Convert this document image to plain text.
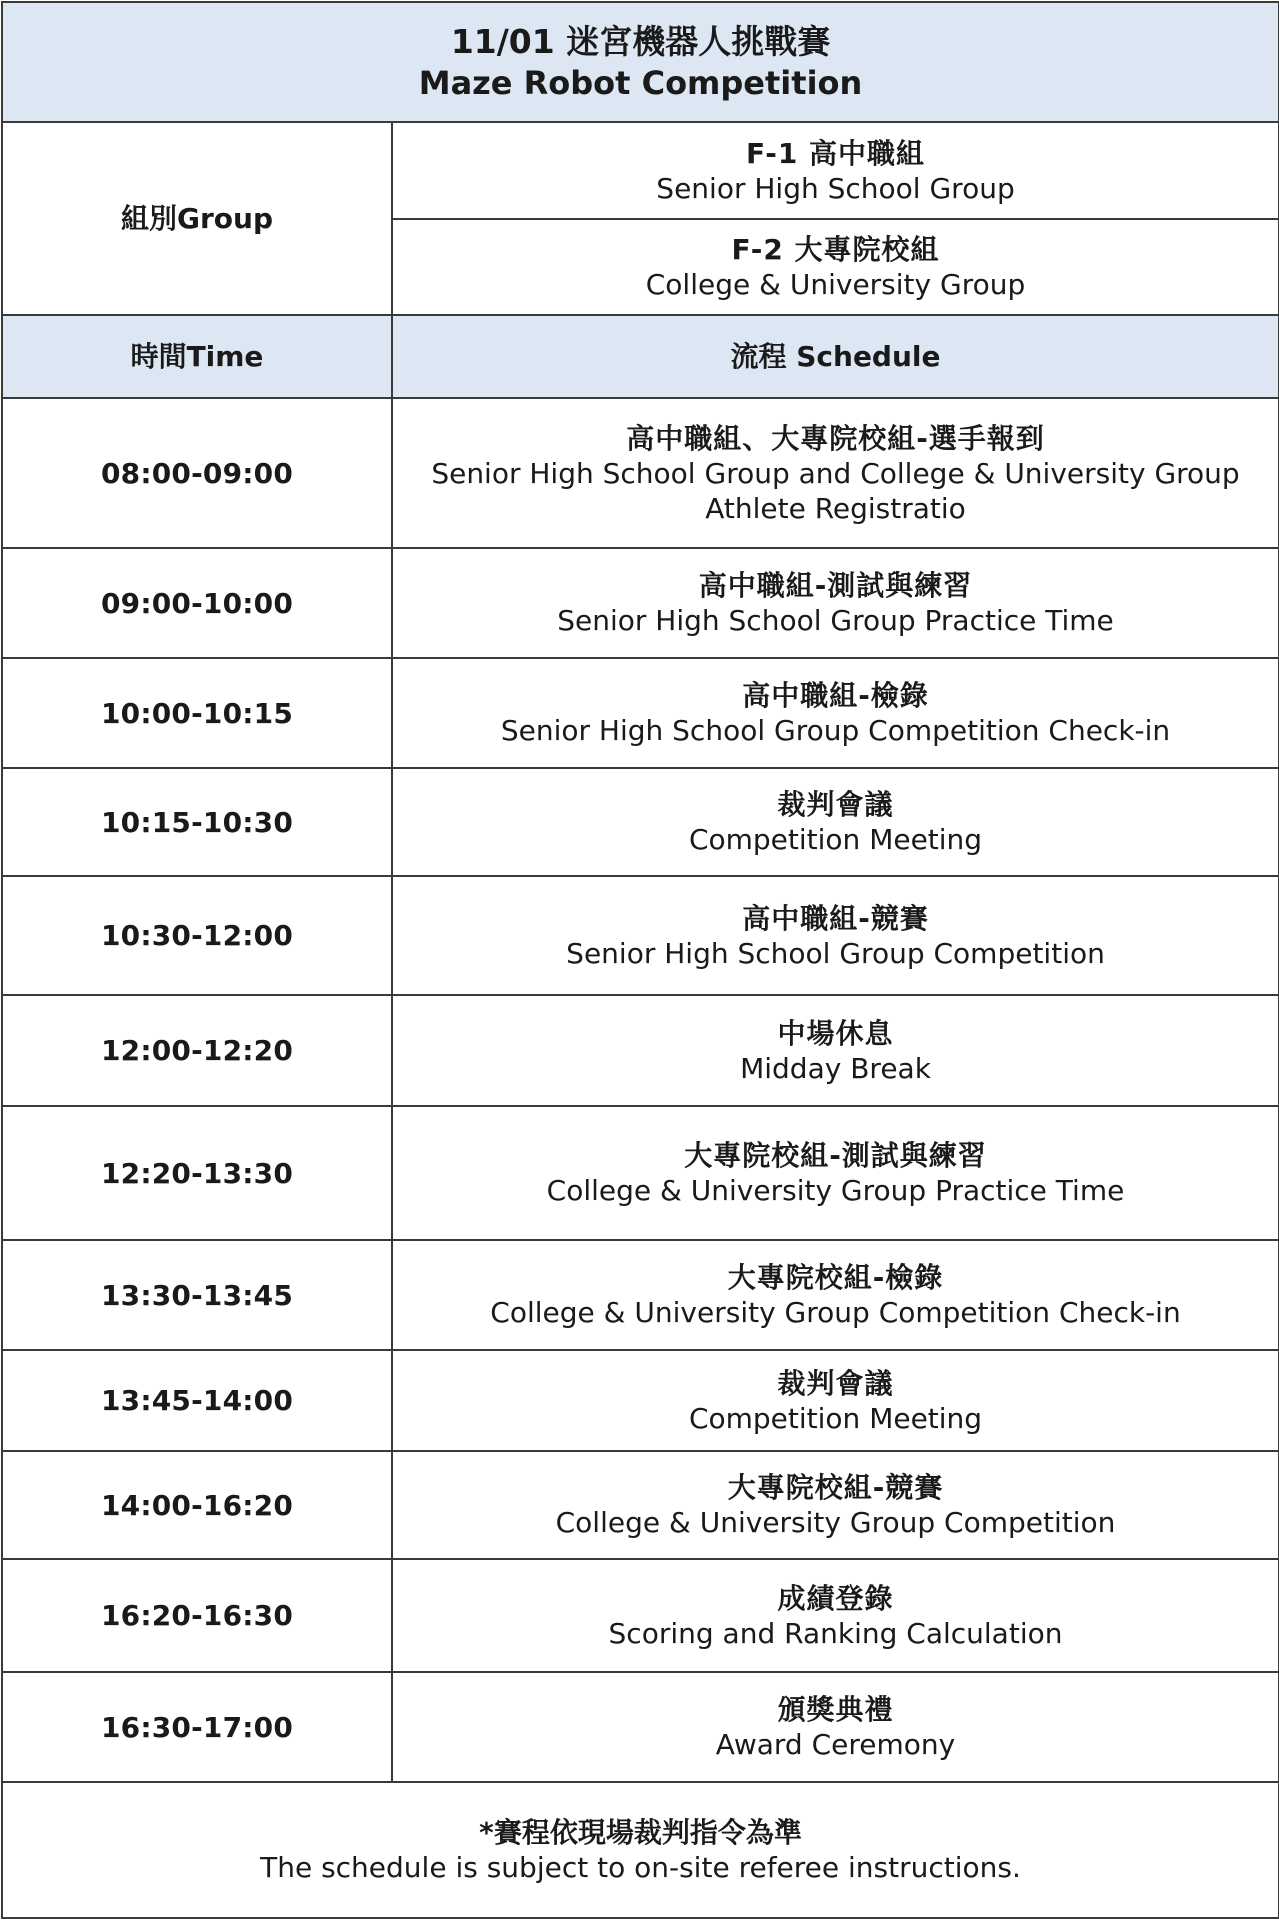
11/01 迷宮機器人挑戰賽
Maze Robot Competition	

組別Group	F-1 高中職組
Senior High School Group

	F-2 大專院校組
College & University Group

時間Time	流程 Schedule
08:00-09:00	高中職組、大專院校組-選手報到
Senior High School Group and College & University Group
Athlete Registratio

09:00-10:00	高中職組-測試與練習
Senior High School Group Practice Time

10:00-10:15	高中職組-檢錄
Senior High School Group Competition Check-in

10:15-10:30	裁判會議
Competition Meeting

10:30-12:00	高中職組-競賽
Senior High School Group Competition

12:00-12:20	中場休息
Midday Break

12:20-13:30	大專院校組-測試與練習
College & University Group Practice Time

13:30-13:45	大專院校組-檢錄
College & University Group Competition Check-in

13:45-14:00	裁判會議
Competition Meeting

14:00-16:20	大專院校組-競賽
College & University Group Competition

16:20-16:30	成績登錄
Scoring and Ranking Calculation

16:30-17:00	頒獎典禮
Award Ceremony

*賽程依現場裁判指令為準
The schedule is subject to on-site referee instructions.	
